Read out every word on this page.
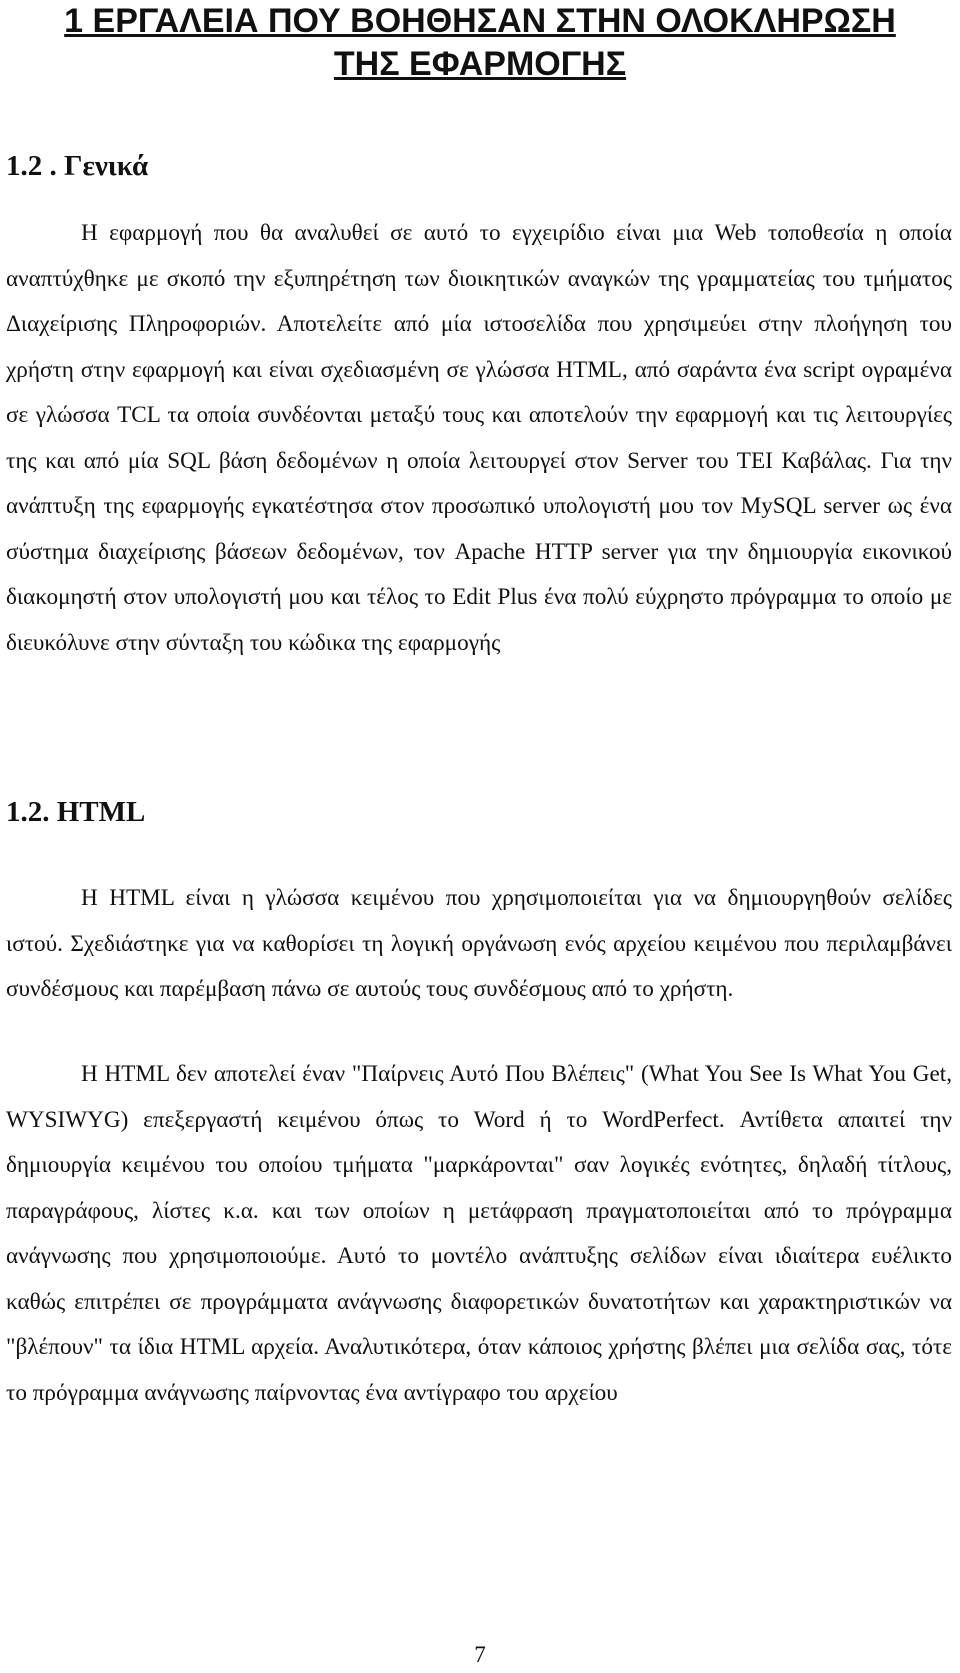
1 ΕΡΓΑΛΕΙΑ ΠΟΥ ΒΟΗΘΗΣΑΝ ΣΤΗΝ ΟΛΟΚΛΗΡΩΣΗ
ΤΗΣ ΕΦΑΡΜΟΓΗΣ
1.2 . Γενικά

Η εφαρμογή που θα αναλυθεί σε αυτό το εγχειρίδιο είναι μια Web τοποθεσία η οποία αναπτύχθηκε με σκοπό την εξυπηρέτηση των διοικητικών αναγκών της γραμματείας του τμήματος Διαχείρισης Πληροφοριών. Αποτελείτε από μία ιστοσελίδα που χρησιμεύει στην πλοήγηση του χρήστη στην εφαρμογή και είναι σχεδιασμένη σε γλώσσα HTML, από σαράντα ένα script ογραμένα σε γλώσσα TCL τα οποία συνδέονται μεταξύ τους και αποτελούν την εφαρμογή και τις λειτουργίες της και από μία SQL βάση δεδομένων η οποία λειτουργεί στον Server του ΤΕΙ Καβάλας. Για την ανάπτυξη της εφαρμογής εγκατέστησα στον προσωπικό υπολογιστή μου τον MySQL server ως ένα σύστημα διαχείρισης βάσεων δεδομένων, τον Apache HTTP server για την δημιουργία εικονικού διακομηστή στον υπολογιστή μου και τέλος το Edit Plus ένα πολύ εύχρηστο πρόγραμμα το οποίο με διευκόλυνε στην σύνταξη του κώδικα της εφαρμογής

1.2. HTML

Η HTML είναι η γλώσσα κειμένου που χρησιμοποιείται για να δημιουργηθούν σελίδες ιστού. Σχεδιάστηκε για να καθορίσει τη λογική οργάνωση ενός αρχείου κειμένου που περιλαμβάνει συνδέσμους και παρέμβαση πάνω σε αυτούς τους συνδέσμους από το χρήστη.

Η HTML δεν αποτελεί έναν "Παίρνεις Αυτό Που Βλέπεις" (What You See Is What You Get, WYSIWYG) επεξεργαστή κειμένου όπως το Word ή το WordPerfect. Αντίθετα απαιτεί την δημιουργία κειμένου του οποίου τμήματα "μαρκάρονται" σαν λογικές ενότητες, δηλαδή τίτλους, παραγράφους, λίστες κ.α. και των οποίων η μετάφραση πραγματοποιείται από το πρόγραμμα ανάγνωσης που χρησιμοποιούμε. Αυτό το μοντέλο ανάπτυξης σελίδων είναι ιδιαίτερα ευέλικτο καθώς επιτρέπει σε προγράμματα ανάγνωσης διαφορετικών δυνατοτήτων και χαρακτηριστικών να "βλέπουν" τα ίδια HTML αρχεία. Αναλυτικότερα, όταν κάποιος χρήστης βλέπει μια σελίδα σας, τότε το πρόγραμμα ανάγνωσης παίρνοντας ένα αντίγραφο του αρχείου

7
